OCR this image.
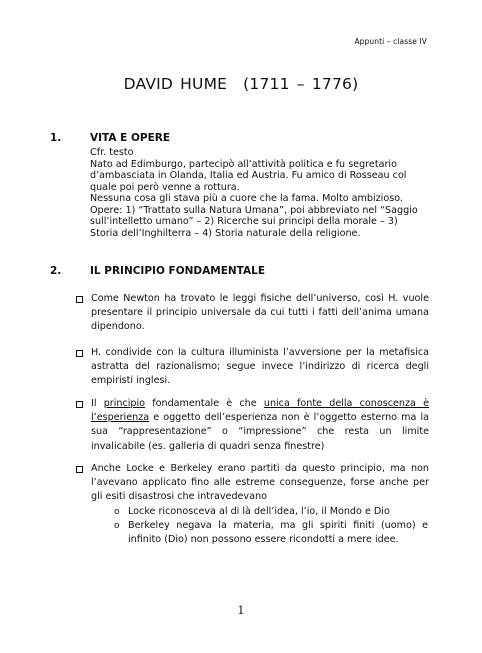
Appunti – classe IV
DAVID HUME (1711 – 1776)
1.	VITA E OPERE

Cfr. testo

Nato ad Edimburgo, partecipò all’attività politica e fu segretario

d’ambasciata in Olanda, Italia ed Austria. Fu amico di Rosseau col

quale poi però venne a rottura.

Nessuna cosa gli stava più a cuore che la fama. Molto ambizioso.

Opere: 1) “Trattato sulla Natura Umana”, poi abbreviato nel “Saggio

sull’intelletto umano” – 2) Ricerche sui principi della morale – 3)

Storia dell’Inghilterra – 4) Storia naturale della religione.

2.	IL PRINCIPIO FONDAMENTALE
Come Newton ha trovato le leggi fisiche dell’universo, così H. vuole presentare il principio universale da cui tutti i fatti dell’anima umana dipendono.
H. condivide con la cultura illuminista l’avversione per la metafisica astratta del razionalismo; segue invece l’indirizzo di ricerca degli empiristi inglesi.
Il principio fondamentale è che unica fonte della conoscenza è l’esperienza e oggetto dell’esperienza non è l’oggetto esterno ma la sua “rappresentazione” o “impressione” che resta un limite invalicabile (es. galleria di quadri senza finestre)
Anche Locke e Berkeley erano partiti da questo principio, ma non l’avevano applicato fino alle estreme conseguenze, forse anche per gli esiti disastrosi che intravedevano
o Locke riconosceva al di là dell’idea, l’io, il Mondo e Dio
o Berkeley negava la materia, ma gli spiriti finiti (uomo) e infinito (Dio) non possono essere ricondotti a mere idee.
1
